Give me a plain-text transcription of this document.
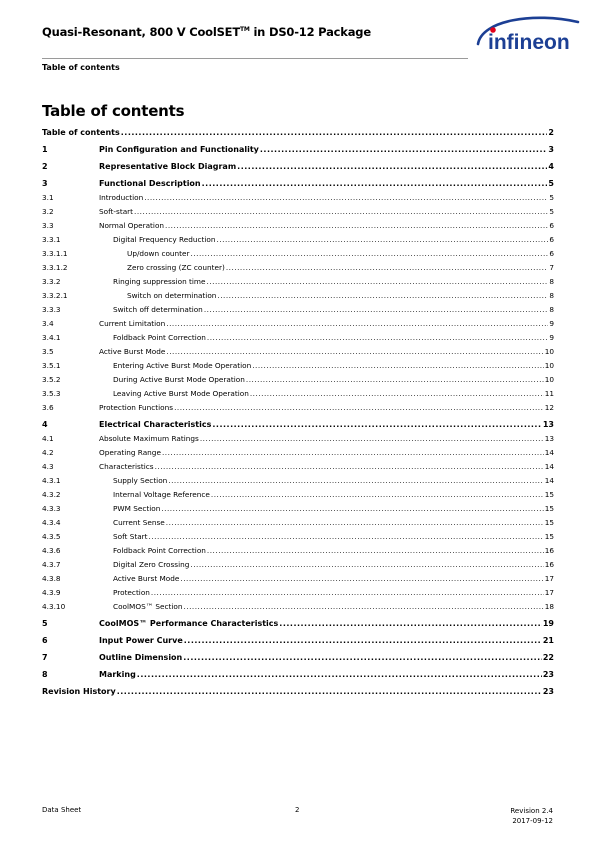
Quasi-Resonant, 800 V CoolSET™ in DS0-12 Package
Table of contents
infineon
Table of contents
Table of contents .....	2
1	Pin Configuration and Functionality .....	3
2	Representative Block Diagram .....	4
3	Functional Description .....	5
3.1	Introduction .....	5
3.2	Soft-start .....	5
3.3	Normal Operation .....	6
3.3.1	Digital Frequency Reduction .....	6
3.3.1.1	Up/down counter .....	6
3.3.1.2	Zero crossing (ZC counter) .....	7
3.3.2	Ringing suppression time .....	8
3.3.2.1	Switch on determination .....	8
3.3.3	Switch off determination .....	8
3.4	Current Limitation .....	9
3.4.1	Foldback Point Correction .....	9
3.5	Active Burst Mode .....	10
3.5.1	Entering Active Burst Mode Operation .....	10
3.5.2	During Active Burst Mode Operation .....	10
3.5.3	Leaving Active Burst Mode Operation .....	11
3.6	Protection Functions .....	12
4	Electrical Characteristics .....	13
4.1	Absolute Maximum Ratings .....	13
4.2	Operating Range .....	14
4.3	Characteristics .....	14
4.3.1	Supply Section .....	14
4.3.2	Internal Voltage Reference .....	15
4.3.3	PWM Section .....	15
4.3.4	Current Sense .....	15
4.3.5	Soft Start .....	15
4.3.6	Foldback Point Correction .....	16
4.3.7	Digital Zero Crossing .....	16
4.3.8	Active Burst Mode .....	17
4.3.9	Protection .....	17
4.3.10	CoolMOS™ Section .....	18
5	CoolMOS™ Performance Characteristics .....	19
6	Input Power Curve .....	21
7	Outline Dimension .....	22
8	Marking .....	23
Revision History .....	23
Data Sheet	2	Revision 2.4
2017-09-12
